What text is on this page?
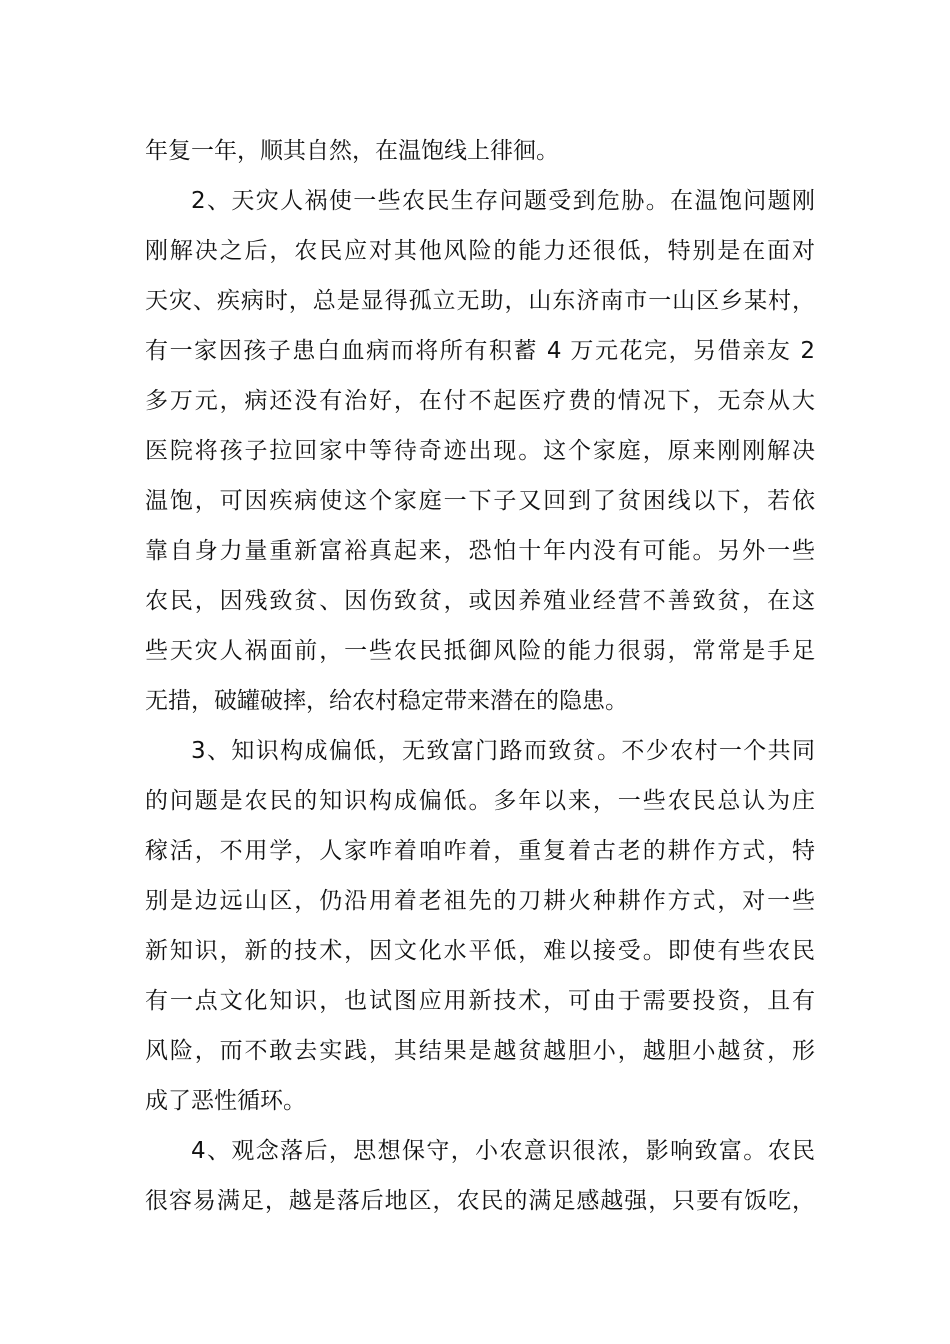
年复一年，顺其自然，在温饱线上徘徊。
2、天灾人祸使一些农民生存问题受到危胁。在温饱问题刚
刚解决之后，农民应对其他风险的能力还很低，特别是在面对
天灾、疾病时，总是显得孤立无助，山东济南市一山区乡某村，
有一家因孩子患白血病而将所有积蓄 4 万元花完，另借亲友 2
多万元，病还没有治好，在付不起医疗费的情况下，无奈从大
医院将孩子拉回家中等待奇迹出现。这个家庭，原来刚刚解决
温饱，可因疾病使这个家庭一下子又回到了贫困线以下，若依
靠自身力量重新富裕真起来，恐怕十年内没有可能。另外一些
农民，因残致贫、因伤致贫，或因养殖业经营不善致贫，在这
些天灾人祸面前，一些农民抵御风险的能力很弱，常常是手足
无措，破罐破摔，给农村稳定带来潜在的隐患。
3、知识构成偏低，无致富门路而致贫。不少农村一个共同
的问题是农民的知识构成偏低。多年以来，一些农民总认为庄
稼活，不用学，人家咋着咱咋着，重复着古老的耕作方式，特
别是边远山区，仍沿用着老祖先的刀耕火种耕作方式，对一些
新知识，新的技术，因文化水平低，难以接受。即使有些农民
有一点文化知识，也试图应用新技术，可由于需要投资，且有
风险，而不敢去实践，其结果是越贫越胆小，越胆小越贫，形
成了恶性循环。
4、观念落后，思想保守，小农意识很浓，影响致富。农民
很容易满足，越是落后地区，农民的满足感越强，只要有饭吃，
